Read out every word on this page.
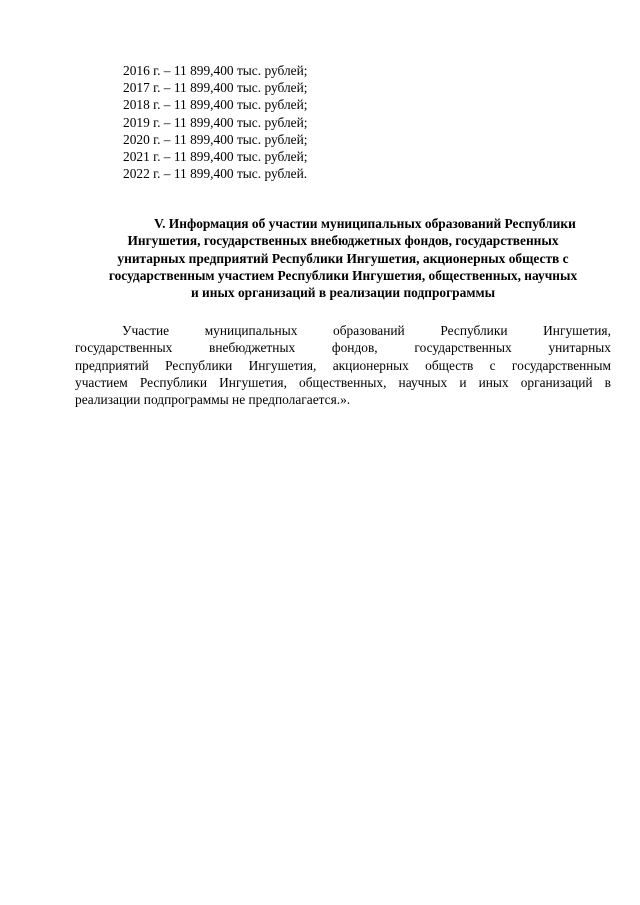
2016 г. – 11 899,400 тыс. рублей;
2017 г. – 11 899,400 тыс. рублей;
2018 г. – 11 899,400 тыс. рублей;
2019 г. – 11 899,400 тыс. рублей;
2020 г. – 11 899,400 тыс. рублей;
2021 г. – 11 899,400 тыс. рублей;
2022 г. – 11 899,400 тыс. рублей.
V. Информация об участии муниципальных образований Республики
Ингушетия, государственных внебюджетных фондов, государственных
унитарных предприятий Республики Ингушетия, акционерных обществ с
государственным участием Республики Ингушетия, общественных, научных
и иных организаций в реализации подпрограммы
Участие	муниципальных	образований	Республики	Ингушетия,
государственных	внебюджетных	фондов,	государственных	унитарных
предприятий Республики Ингушетия, акционерных обществ с государственным
участием Республики Ингушетия, общественных, научных и иных организаций в
реализации подпрограммы не предполагается.».
